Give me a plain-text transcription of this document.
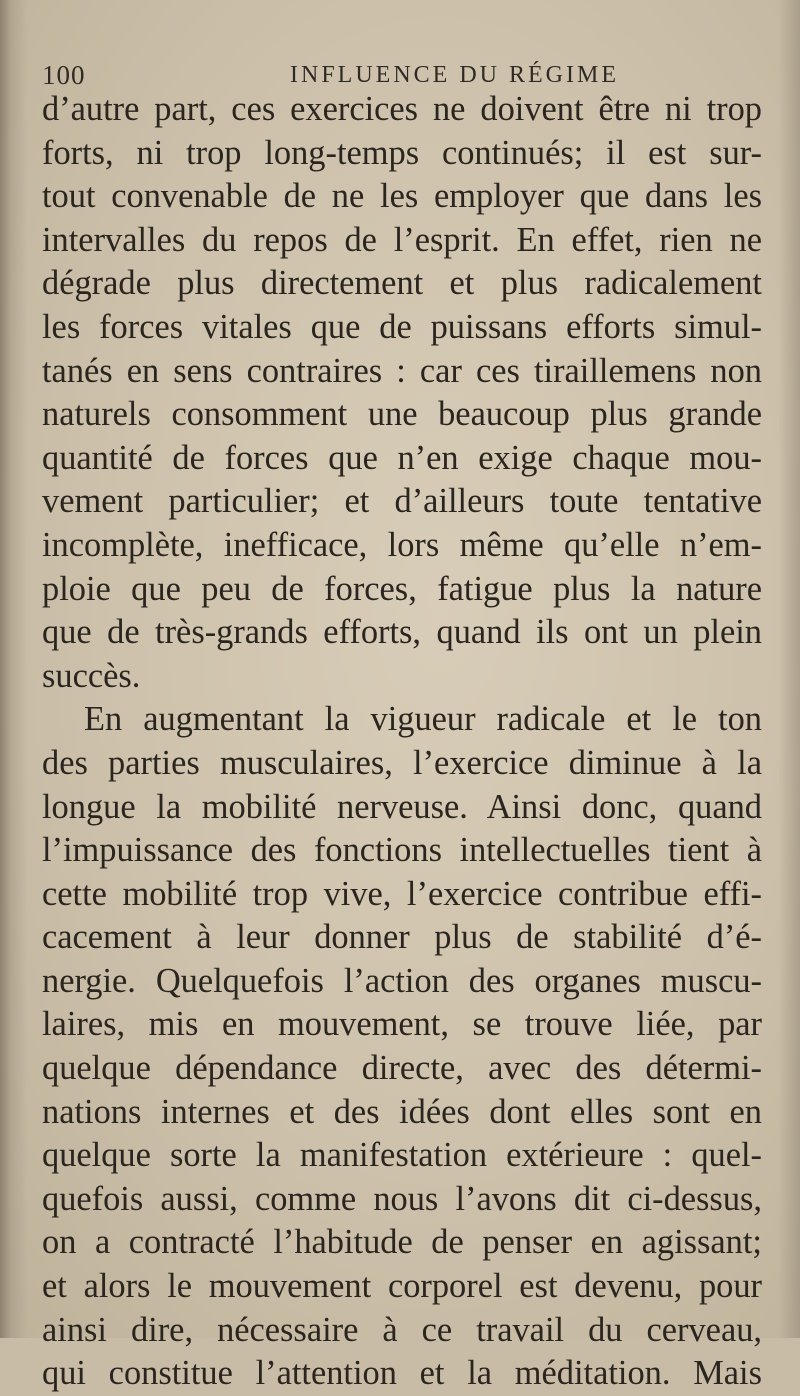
100	INFLUENCE DU RÉGIME
d’autre part, ces exercices ne doivent être ni trop
forts, ni trop long-temps continués; il est sur-
tout convenable de ne les employer que dans les
intervalles du repos de l’esprit. En effet, rien ne
dégrade plus directement et plus radicalement
les forces vitales que de puissans efforts simul-
tanés en sens contraires : car ces tiraillemens non
naturels consomment une beaucoup plus grande
quantité de forces que n’en exige chaque mou-
vement particulier; et d’ailleurs toute tentative
incomplète, inefficace, lors même qu’elle n’em-
ploie que peu de forces, fatigue plus la nature
que de très-grands efforts, quand ils ont un plein
succès.
En augmentant la vigueur radicale et le ton
des parties musculaires, l’exercice diminue à la
longue la mobilité nerveuse. Ainsi donc, quand
l’impuissance des fonctions intellectuelles tient à
cette mobilité trop vive, l’exercice contribue effi-
cacement à leur donner plus de stabilité d’é-
nergie. Quelquefois l’action des organes muscu-
laires, mis en mouvement, se trouve liée, par
quelque dépendance directe, avec des détermi-
nations internes et des idées dont elles sont en
quelque sorte la manifestation extérieure : quel-
quefois aussi, comme nous l’avons dit ci-dessus,
on a contracté l’habitude de penser en agissant;
et alors le mouvement corporel est devenu, pour
ainsi dire, nécessaire à ce travail du cerveau,
qui constitue l’attention et la méditation. Mais
